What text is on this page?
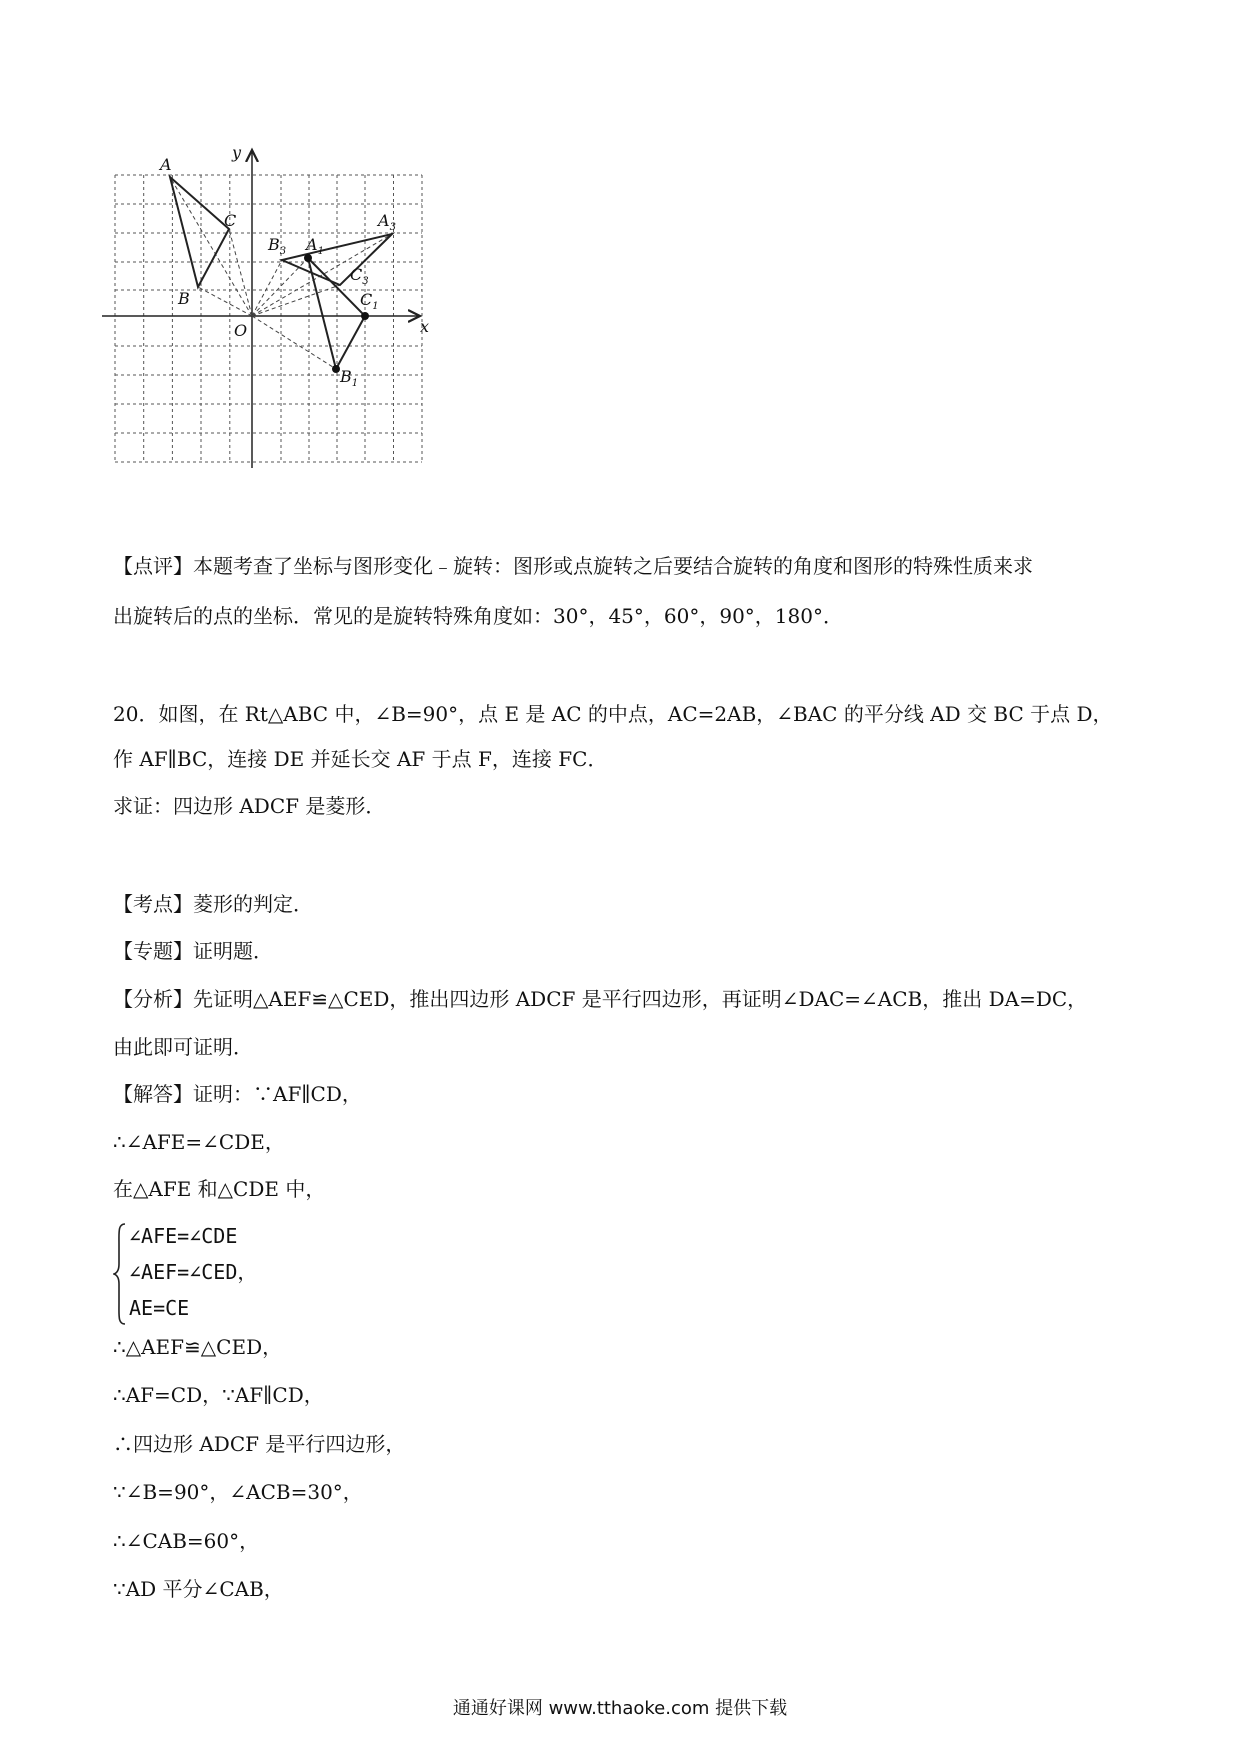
y
x
O
A
B
C
$A_1$
$B_1$
$C_1$
$A_3$
$B_3$
$C_3$
【点评】本题考查了坐标与图形变化﹣旋转：图形或点旋转之后要结合旋转的角度和图形的特殊性质来求
出旋转后的点的坐标．常见的是旋转特殊角度如：30°，45°，60°，90°，180°．
20．如图，在 Rt△ABC 中，∠B=90°，点 E 是 AC 的中点，AC=2AB，∠BAC 的平分线 AD 交 BC 于点 D，
作 AF∥BC，连接 DE 并延长交 AF 于点 F，连接 FC．
求证：四边形 ADCF 是菱形．
【考点】菱形的判定．
【专题】证明题．
【分析】先证明△AEF≌△CED，推出四边形 ADCF 是平行四边形，再证明∠DAC=∠ACB，推出 DA=DC，
由此即可证明．
【解答】证明：∵AF∥CD，
∴∠AFE=∠CDE，
在△AFE 和△CDE 中，
∠AFE=∠CDE
∠AEF=∠CED，
AE=CE
∴△AEF≌△CED，
∴AF=CD，∵AF∥CD，
∴四边形 ADCF 是平行四边形，
∵∠B=90°，∠ACB=30°，
∴∠CAB=60°，
∵AD 平分∠CAB，
通通好课网 www.tthaoke.com 提供下载
